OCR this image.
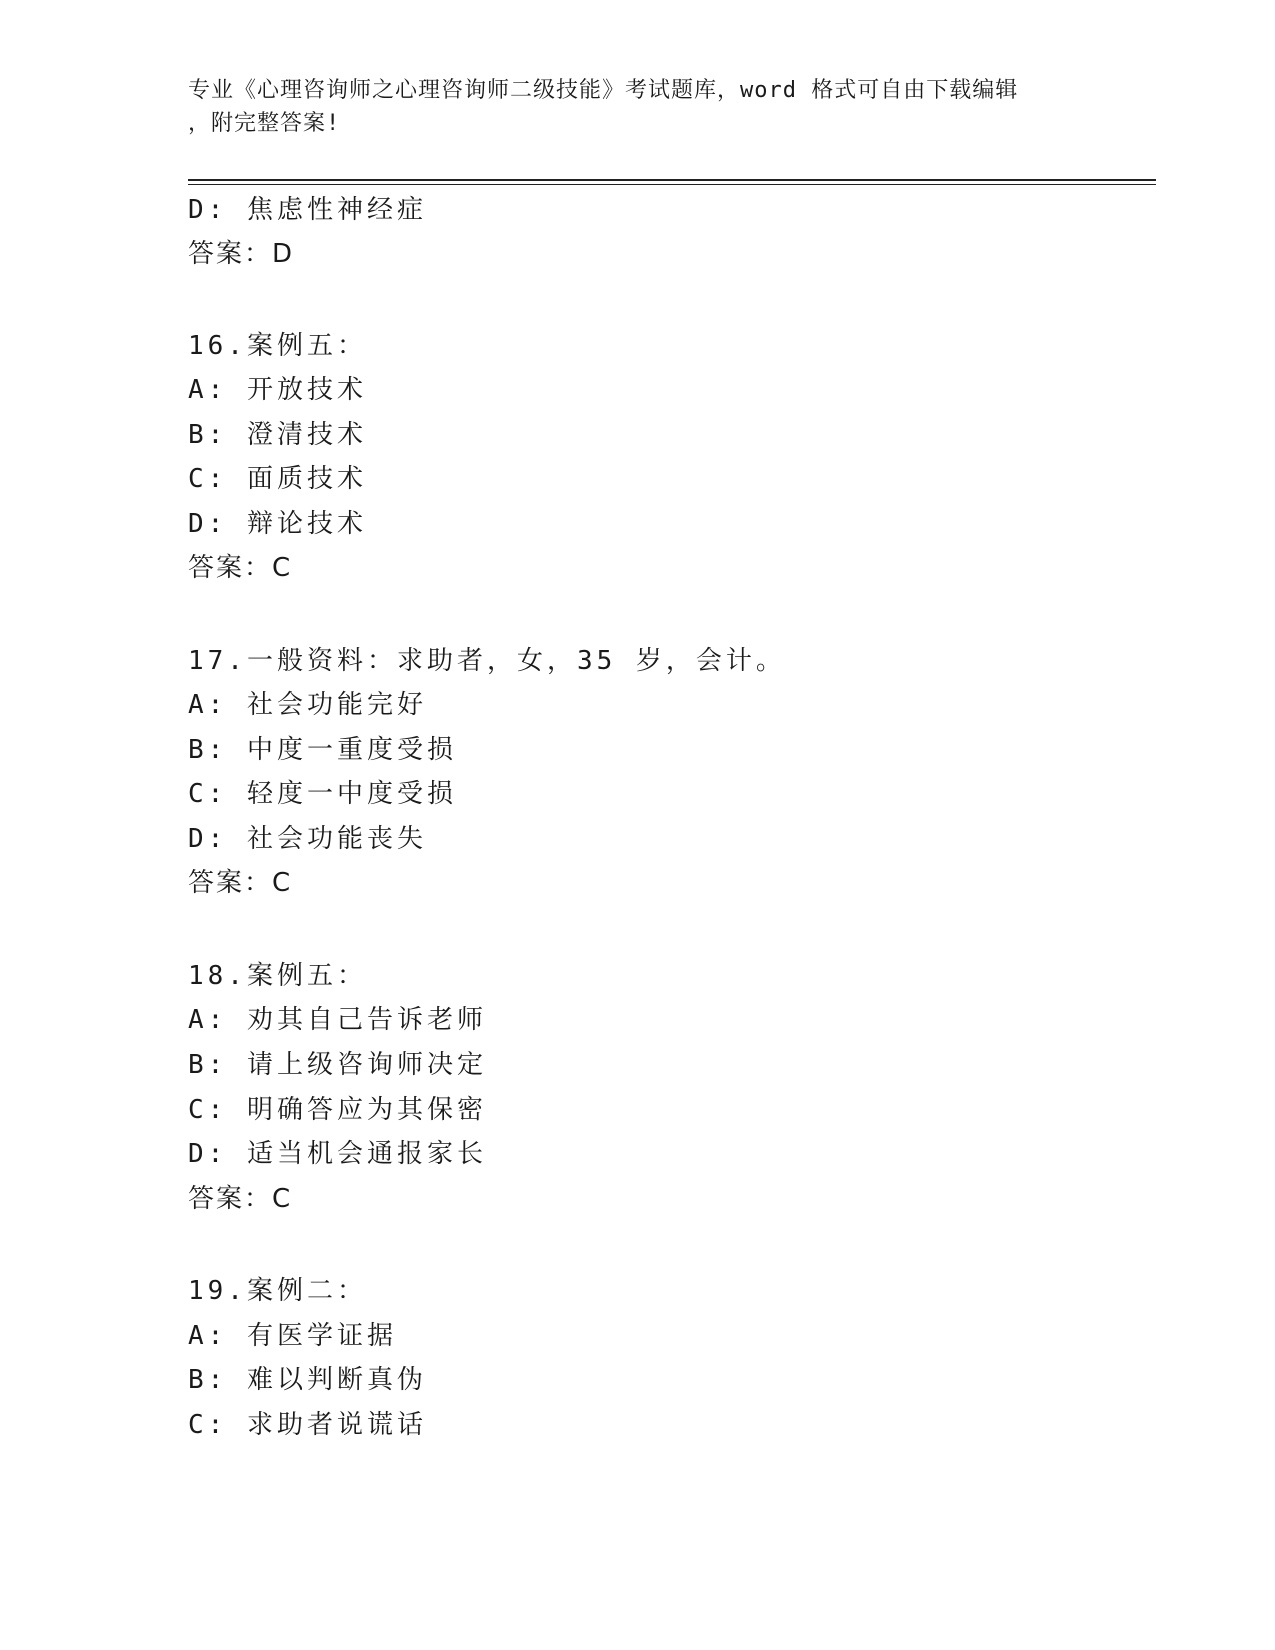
专业《心理咨询师之心理咨询师二级技能》考试题库，word 格式可自由下载编辑
，附完整答案!
D: 焦虑性神经症
答案：D
16.案例五：
A: 开放技术
B: 澄清技术
C: 面质技术
D: 辩论技术
答案：C
17.一般资料：求助者，女，35 岁，会计。
A: 社会功能完好
B: 中度一重度受损
C: 轻度一中度受损
D: 社会功能丧失
答案：C
18.案例五：
A: 劝其自己告诉老师
B: 请上级咨询师决定
C: 明确答应为其保密
D: 适当机会通报家长
答案：C
19.案例二：
A: 有医学证据
B: 难以判断真伪
C: 求助者说谎话
